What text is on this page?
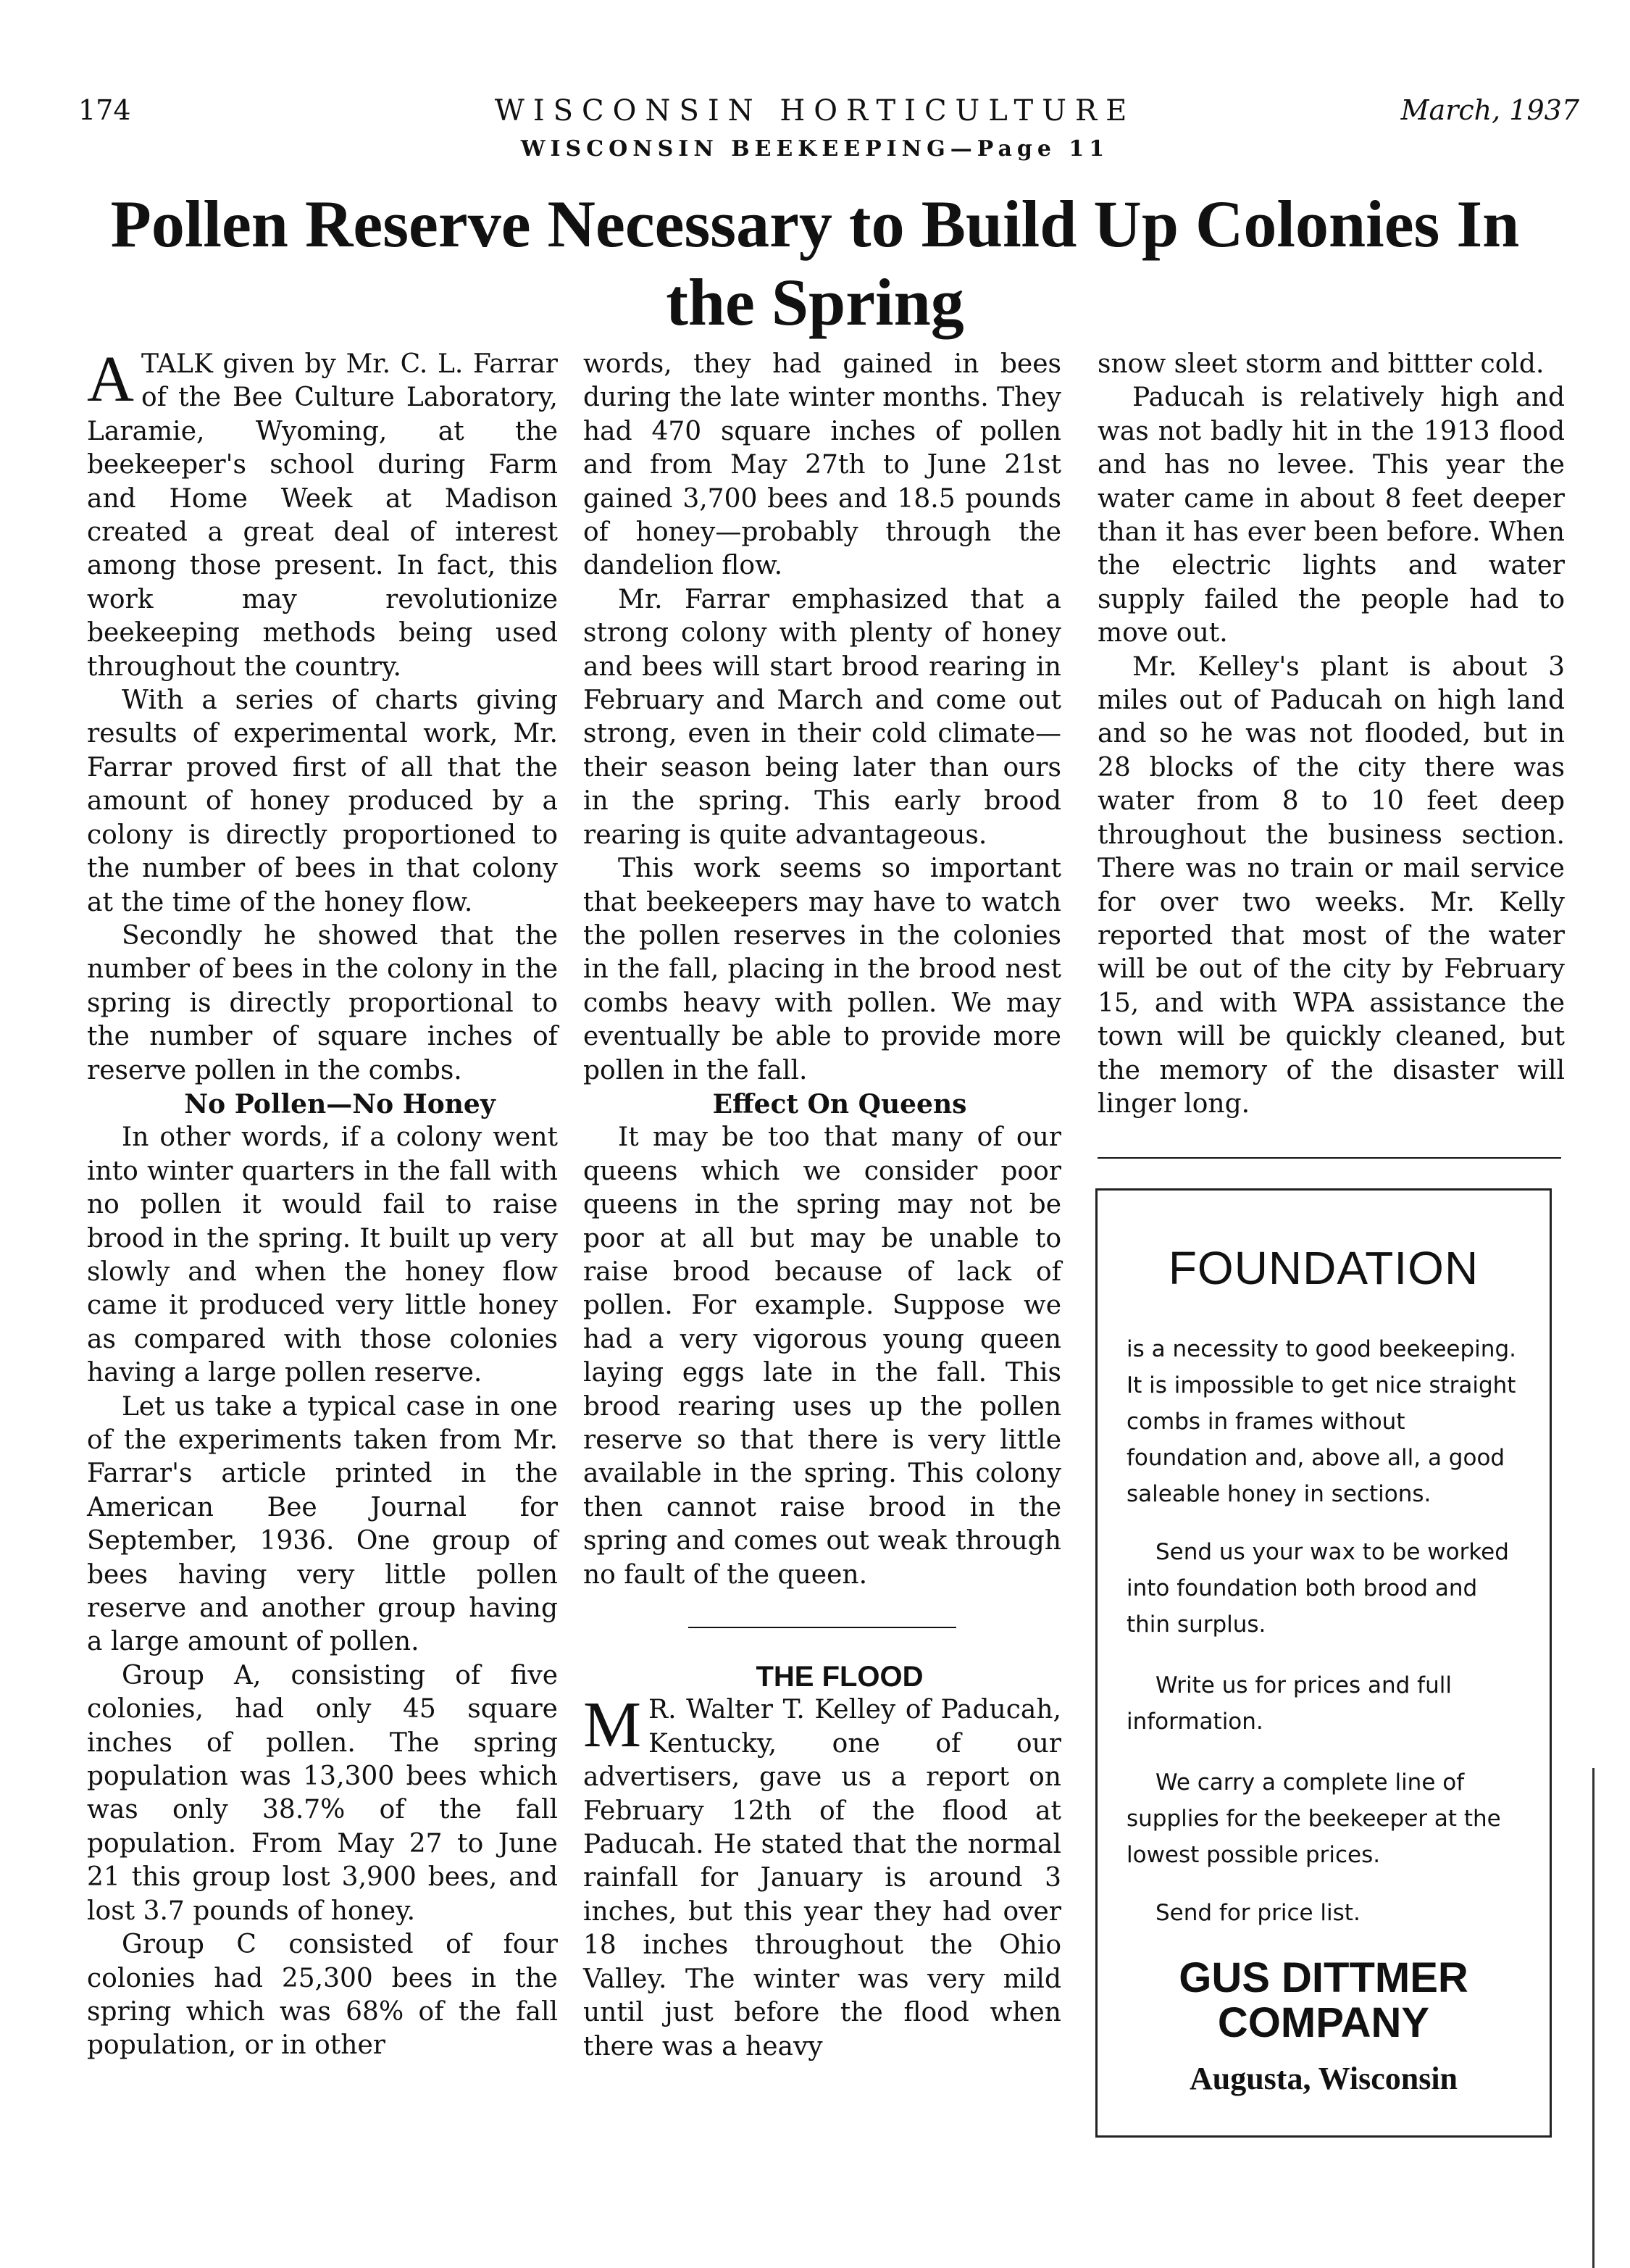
174	WISCONSIN HORTICULTURE
WISCONSIN BEEKEEPING—Page 11
March, 1937
Pollen Reserve Necessary to Build Up Colonies In the Spring

ATALK given by Mr. C. L. Farrar of the Bee Culture Laboratory, Laramie, Wyoming, at the beekeeper's school during Farm and Home Week at Madison created a great deal of interest among those present. In fact, this work may revolutionize beekeeping methods being used throughout the country.

With a series of charts giving results of experimental work, Mr. Farrar proved first of all that the amount of honey produced by a colony is directly proportioned to the number of bees in that colony at the time of the honey flow.

Secondly he showed that the number of bees in the colony in the spring is directly proportional to the number of square inches of reserve pollen in the combs.

No Pollen—No Honey

In other words, if a colony went into winter quarters in the fall with no pollen it would fail to raise brood in the spring. It built up very slowly and when the honey flow came it produced very little honey as compared with those colonies having a large pollen reserve.

Let us take a typical case in one of the experiments taken from Mr. Farrar's article printed in the American Bee Journal for September, 1936. One group of bees having very little pollen reserve and another group having a large amount of pollen.

Group A, consisting of five colonies, had only 45 square inches of pollen. The spring population was 13,300 bees which was only 38.7% of the fall population. From May 27 to June 21 this group lost 3,900 bees, and lost 3.7 pounds of honey.

Group C consisted of four colonies had 25,300 bees in the spring which was 68% of the fall population, or in other

words, they had gained in bees during the late winter months. They had 470 square inches of pollen and from May 27th to June 21st gained 3,700 bees and 18.5 pounds of honey—probably through the dandelion flow.

Mr. Farrar emphasized that a strong colony with plenty of honey and bees will start brood rearing in February and March and come out strong, even in their cold climate—their season being later than ours in the spring. This early brood rearing is quite advantageous.

This work seems so important that beekeepers may have to watch the pollen reserves in the colonies in the fall, placing in the brood nest combs heavy with pollen. We may eventually be able to provide more pollen in the fall.

Effect On Queens

It may be too that many of our queens which we consider poor queens in the spring may not be poor at all but may be unable to raise brood because of lack of pollen. For example. Suppose we had a very vigorous young queen laying eggs late in the fall. This brood rearing uses up the pollen reserve so that there is very little available in the spring. This colony then cannot raise brood in the spring and comes out weak through no fault of the queen.

THE FLOOD

M R. Walter T. Kelley of Paducah, Kentucky, one of our advertisers, gave us a report on February 12th of the flood at Paducah. He stated that the normal rainfall for January is around 3 inches, but this year they had over 18 inches throughout the Ohio Valley. The winter was very mild until just before the flood when there was a heavy

snow sleet storm and bittter cold.

Paducah is relatively high and was not badly hit in the 1913 flood and has no levee. This year the water came in about 8 feet deeper than it has ever been before. When the electric lights and water supply failed the people had to move out.

Mr. Kelley's plant is about 3 miles out of Paducah on high land and so he was not flooded, but in 28 blocks of the city there was water from 8 to 10 feet deep throughout the business section. There was no train or mail service for over two weeks. Mr. Kelly reported that most of the water will be out of the city by February 15, and with WPA assistance the town will be quickly cleaned, but the memory of the disaster will linger long.

FOUNDATION

is a necessity to good beekeeping. It is impossible to get nice straight combs in frames without foundation and, above all, a good saleable honey in sections.

Send us your wax to be worked into foundation both brood and thin surplus.

Write us for prices and full information.

We carry a complete line of supplies for the beekeeper at the lowest possible prices.

Send for price list.

GUS DITTMER COMPANY
Augusta, Wisconsin
